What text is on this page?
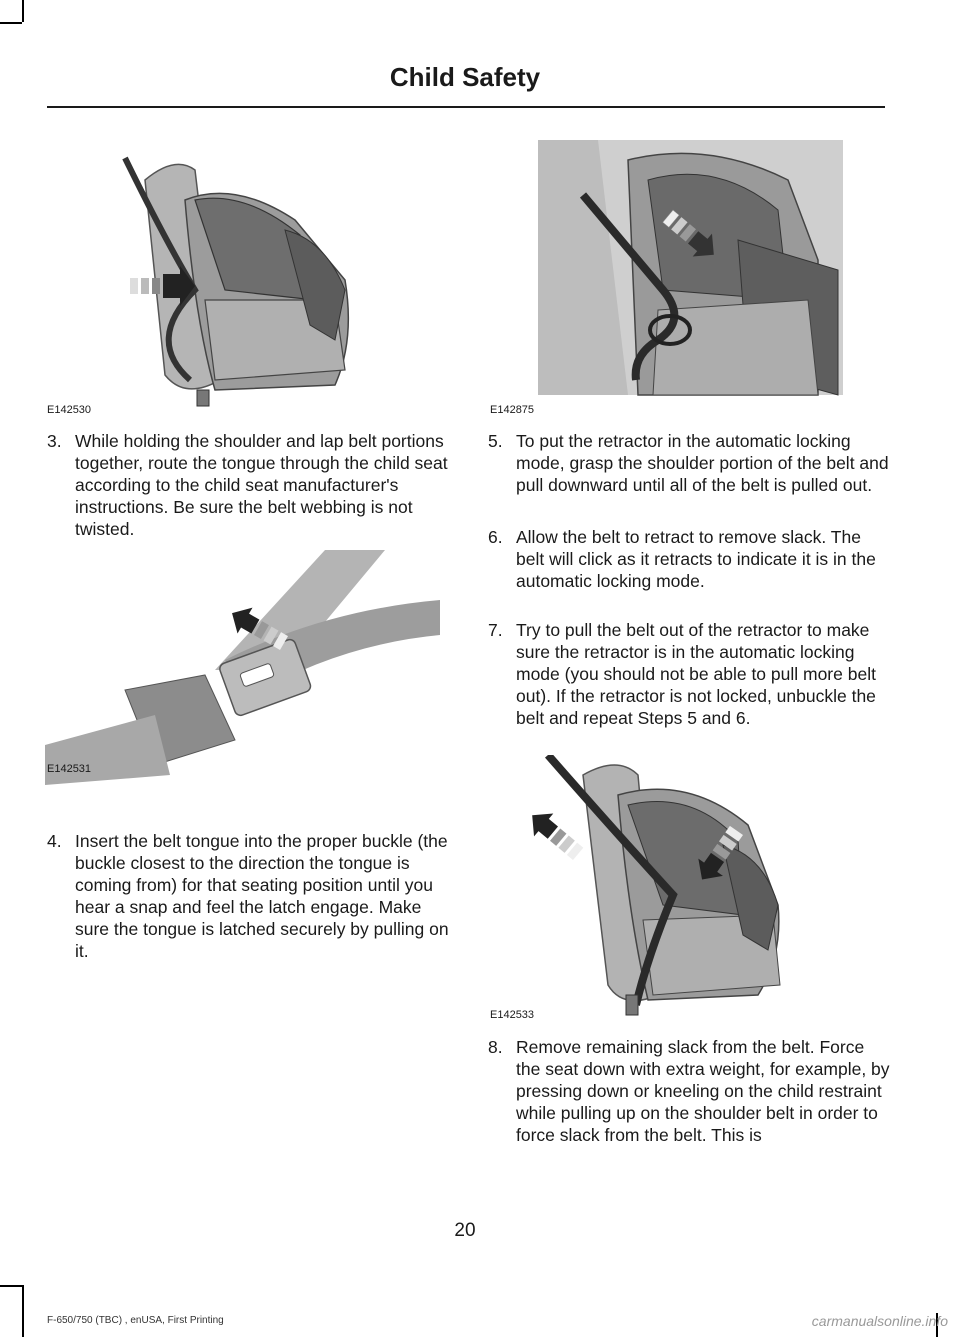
Child Safety
E142530	E142875
3. While holding the shoulder and lap belt portions together, route the tongue through the child seat according to the child seat manufacturer's instructions. Be sure the belt webbing is not twisted.
E142531
4. Insert the belt tongue into the proper buckle (the buckle closest to the direction the tongue is coming from) for that seating position until you hear a snap and feel the latch engage. Make sure the tongue is latched securely by pulling on it.
5. To put the retractor in the automatic locking mode, grasp the shoulder portion of the belt and pull downward until all of the belt is pulled out.
6. Allow the belt to retract to remove slack. The belt will click as it retracts to indicate it is in the automatic locking mode.
7. Try to pull the belt out of the retractor to make sure the retractor is in the automatic locking mode (you should not be able to pull more belt out). If the retractor is not locked, unbuckle the belt and repeat Steps 5 and 6.
E142533
8. Remove remaining slack from the belt. Force the seat down with extra weight, for example, by pressing down or kneeling on the child restraint while pulling up on the shoulder belt in order to force slack from the belt. This is
20
F-650/750 (TBC) , enUSA, First Printing	carmanualsonline.info
